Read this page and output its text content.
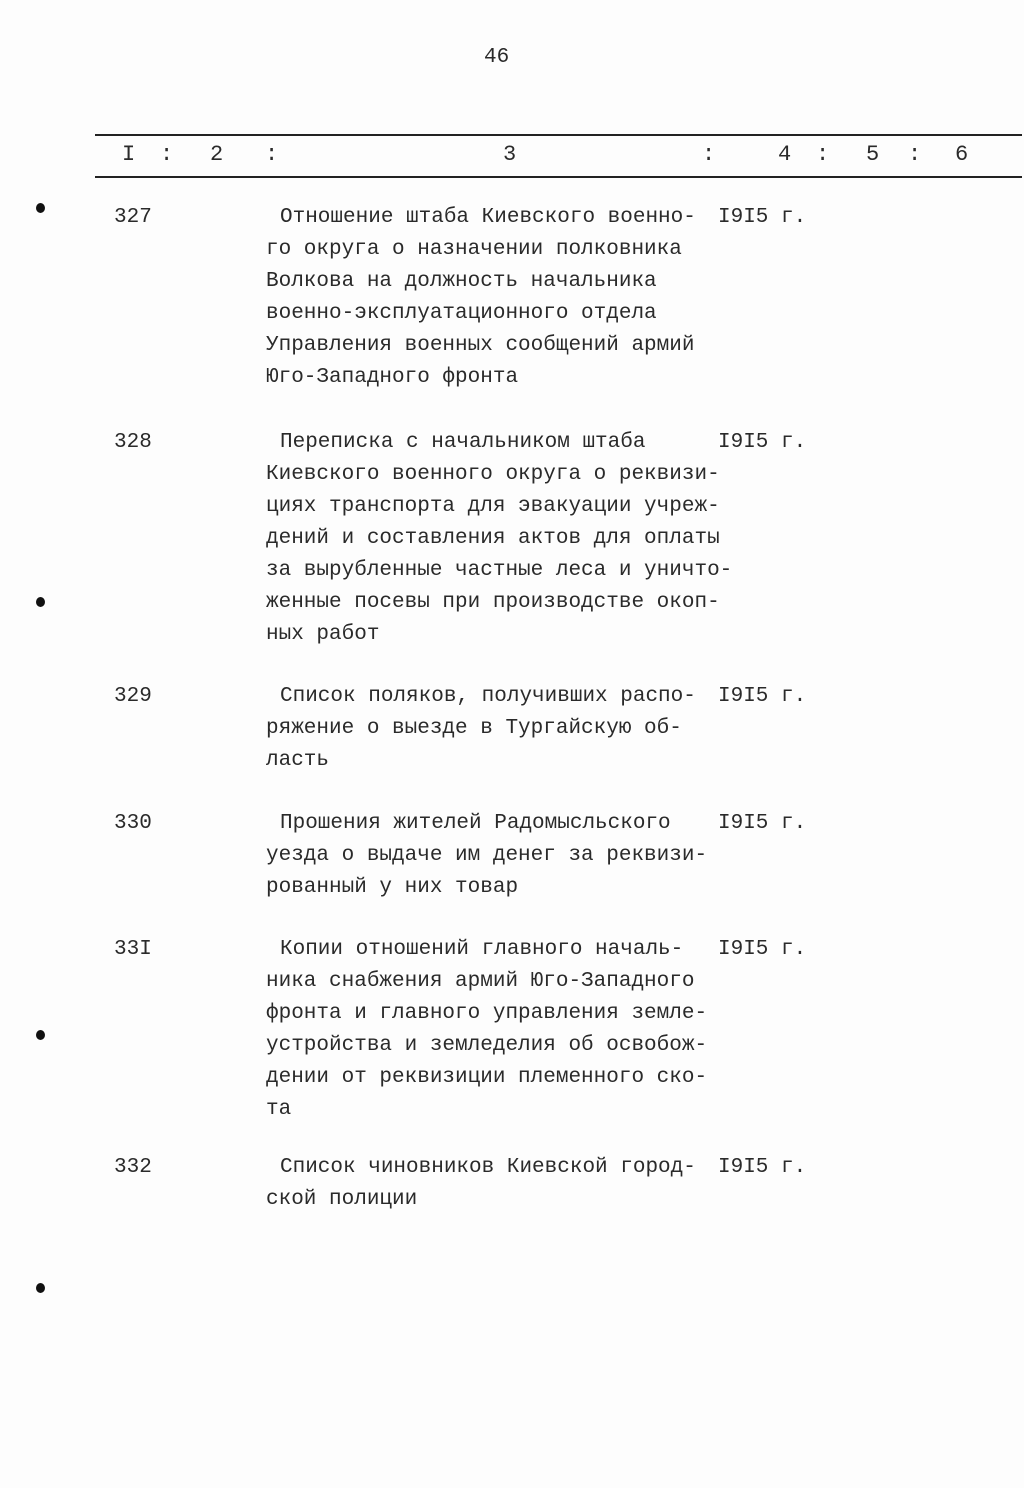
46
I : 2 :	3	:	4 : 5 : 6
327	Отношение штаба Киевского военно-
го округа о назначении полковника
Волкова на должность начальника
военно-эксплуатационного отдела
Управления военных сообщений армий
Юго-Западного фронта
I9I5 г.
328	Переписка с начальником штаба
Киевского военного округа о реквизи-
циях транспорта для эвакуации учреж-
дений и составления актов для оплаты
за вырубленные частные леса и уничто-
женные посевы при производстве окоп-
ных работ
I9I5 г.
329	Список поляков, получивших распо-
ряжение о выезде в Тургайскую об-
ласть
I9I5 г.
330	Прошения жителей Радомысльского
уезда о выдаче им денег за реквизи-
рованный у них товар
I9I5 г.
33I	Копии отношений главного началь-
ника снабжения армий Юго-Западного
фронта и главного управления земле-
устройства и земледелия об освобож-
дении от реквизиции племенного ско-
та
I9I5 г.
332	Список чиновников Киевской город-
ской полиции
I9I5 г.
